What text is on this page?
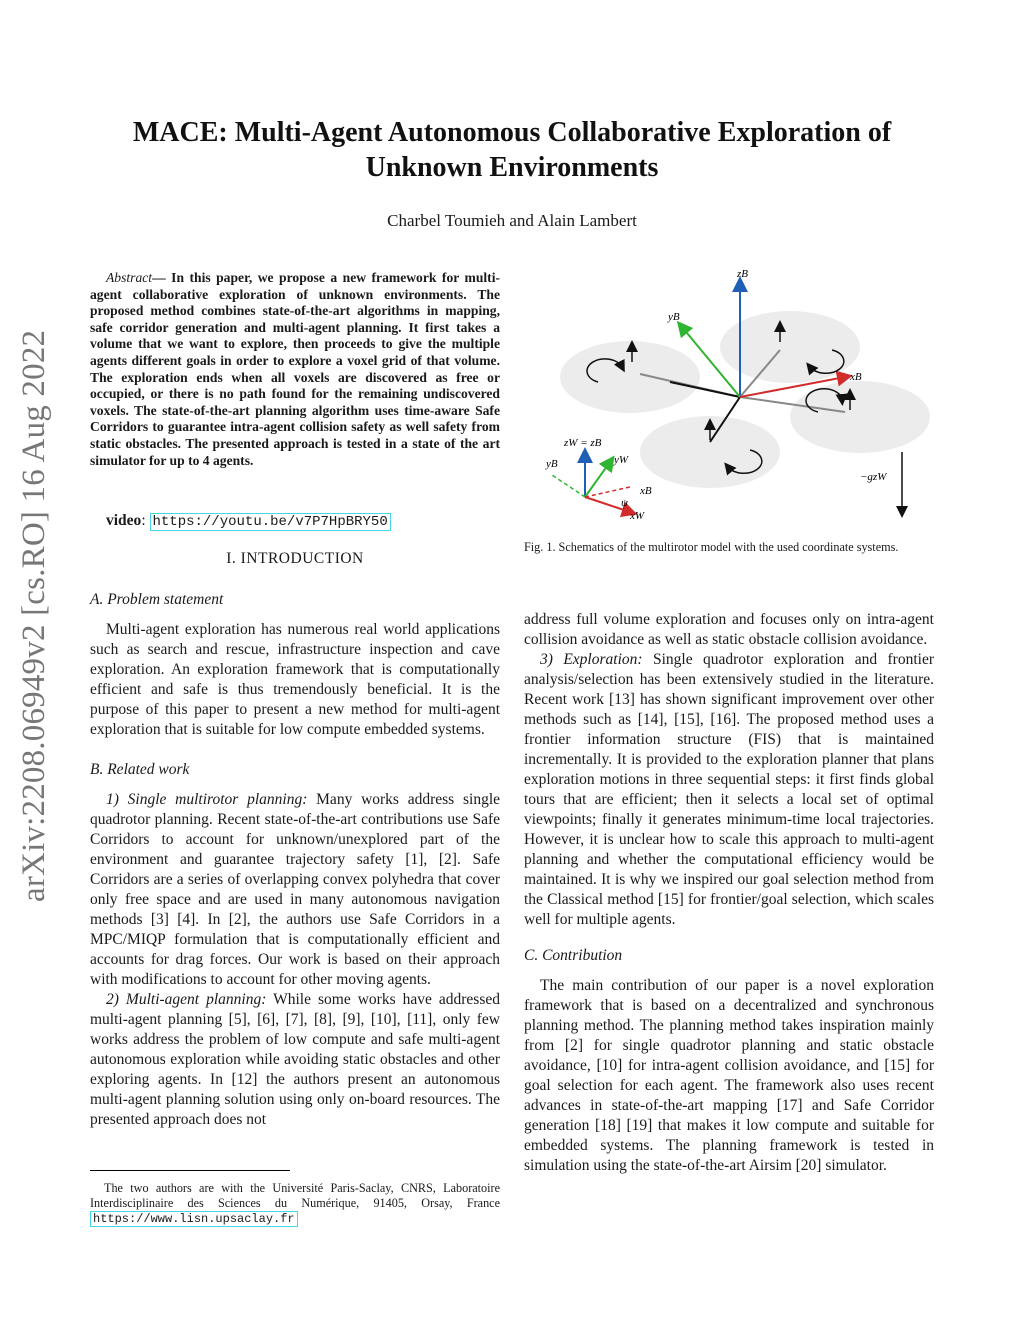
arXiv:2208.06949v2 [cs.RO] 16 Aug 2022
MACE: Multi-Agent Autonomous Collaborative Exploration of
Unknown Environments
Charbel Toumieh and Alain Lambert
Abstract— In this paper, we propose a new framework for multi-agent collaborative exploration of unknown environments. The proposed method combines state-of-the-art algorithms in mapping, safe corridor generation and multi-agent planning. It first takes a volume that we want to explore, then proceeds to give the multiple agents different goals in order to explore a voxel grid of that volume. The exploration ends when all voxels are discovered as free or occupied, or there is no path found for the remaining undiscovered voxels. The state-of-the-art planning algorithm uses time-aware Safe Corridors to guarantee intra-agent collision safety as well safety from static obstacles. The presented approach is tested in a state of the art simulator for up to 4 agents.
video: https://youtu.be/v7P7HpBRY50
I. INTRODUCTION
A. Problem statement

Multi-agent exploration has numerous real world applications such as search and rescue, infrastructure inspection and cave exploration. An exploration framework that is computationally efficient and safe is thus tremendously beneficial. It is the purpose of this paper to present a new method for multi-agent exploration that is suitable for low compute embedded systems.

B. Related work

1) Single multirotor planning: Many works address single quadrotor planning. Recent state-of-the-art contributions use Safe Corridors to account for unknown/unexplored part of the environment and guarantee trajectory safety [1], [2]. Safe Corridors are a series of overlapping convex polyhedra that cover only free space and are used in many autonomous navigation methods [3] [4]. In [2], the authors use Safe Corridors in a MPC/MIQP formulation that is computationally efficient and accounts for drag forces. Our work is based on their approach with modifications to account for other moving agents.

2) Multi-agent planning: While some works have addressed multi-agent planning [5], [6], [7], [8], [9], [10], [11], only few works address the problem of low compute and safe multi-agent autonomous exploration while avoiding static obstacles and other exploring agents. In [12] the authors present an autonomous multi-agent planning solution using only on-board resources. The presented approach does not

The two authors are with the Université Paris-Saclay, CNRS, Laboratoire Interdisciplinaire des Sciences du Numérique, 91405, Orsay, France https://www.lisn.upsaclay.fr

zB
yB
xB
zW = zB
yW
yB
xB
ψ
xW
−gzW
Fig. 1. Schematics of the multirotor model with the used coordinate systems.

address full volume exploration and focuses only on intra-agent collision avoidance as well as static obstacle collision avoidance.

3) Exploration: Single quadrotor exploration and frontier analysis/selection has been extensively studied in the literature. Recent work [13] has shown significant improvement over other methods such as [14], [15], [16]. The proposed method uses a frontier information structure (FIS) that is maintained incrementally. It is provided to the exploration planner that plans exploration motions in three sequential steps: it first finds global tours that are efficient; then it selects a local set of optimal viewpoints; finally it generates minimum-time local trajectories. However, it is unclear how to scale this approach to multi-agent planning and whether the computational efficiency would be maintained. It is why we inspired our goal selection method from the Classical method [15] for frontier/goal selection, which scales well for multiple agents.

C. Contribution

The main contribution of our paper is a novel exploration framework that is based on a decentralized and synchronous planning method. The planning method takes inspiration mainly from [2] for single quadrotor planning and static obstacle avoidance, [10] for intra-agent collision avoidance, and [15] for goal selection for each agent. The framework also uses recent advances in state-of-the-art mapping [17] and Safe Corridor generation [18] [19] that makes it low compute and suitable for embedded systems. The planning framework is tested in simulation using the state-of-the-art Airsim [20] simulator.
